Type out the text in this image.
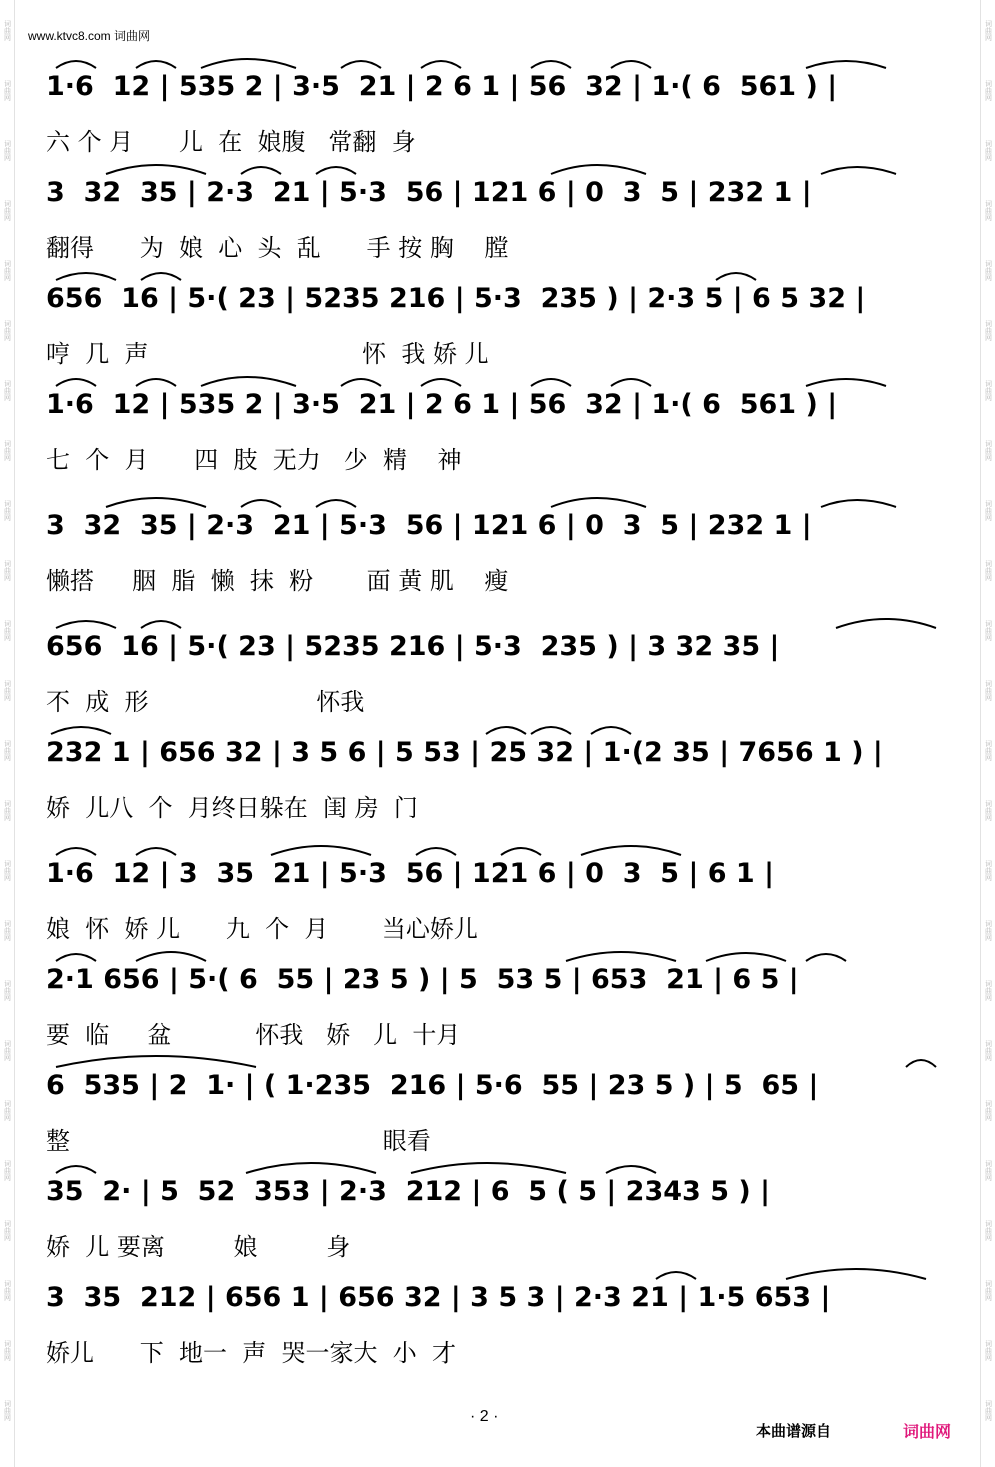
词曲网
词曲网
词曲网
词曲网
词曲网
词曲网
词曲网
词曲网
词曲网
词曲网
词曲网
词曲网
词曲网
词曲网
词曲网
词曲网
词曲网
词曲网
词曲网
词曲网
词曲网
词曲网
词曲网
词曲网
词曲网
词曲网
词曲网
词曲网
词曲网
词曲网
词曲网
词曲网
词曲网
词曲网
词曲网
词曲网
词曲网
词曲网
词曲网
词曲网
词曲网
词曲网
词曲网
词曲网
词曲网
词曲网
词曲网
词曲网
www.ktvc8.com 词曲网
1·6  12 | 535 2 | 3·5  21 | 2 6 1 | 56  32 | 1·( 6  561 ) |
六 个 月      儿  在  娘腹   常翻  身
3  32  35 | 2·3  21 | 5·3  56 | 121 6 | 0  3  5 | 232 1 |
翻得      为  娘  心  头  乱      手 按 胸    膛
656  16 | 5·( 23 | 5235 216 | 5·3  235 ) | 2·3 5 | 6 5 32 |
哼  几  声                            怀  我 娇 儿
1·6  12 | 535 2 | 3·5  21 | 2 6 1 | 56  32 | 1·( 6  561 ) |
七  个  月      四  肢  无力   少  精    神
3  32  35 | 2·3  21 | 5·3  56 | 121 6 | 0  3  5 | 232 1 |
懒搭     胭  脂  懒  抹  粉       面 黄 肌    瘦
656  16 | 5·( 23 | 5235 216 | 5·3  235 ) | 3 32 35 |
不  成  形                      怀我
232 1 | 656 32 | 3 5 6 | 5 53 | 25 32 | 1·(2 35 | 7656 1 ) |
娇  儿八  个  月终日躲在  闺 房  门
1·6  12 | 3  35  21 | 5·3  56 | 121 6 | 0  3  5 | 6 1 |
娘  怀  娇 儿      九  个  月       当心娇儿
2·1 656 | 5·( 6  55 | 23 5 ) | 5  53 5 | 653  21 | 6 5 |
要  临     盆           怀我   娇   儿  十月
6  535 | 2  1· | ( 1·235  216 | 5·6  55 | 23 5 ) | 5  65 |
整                                         眼看
35  2· | 5  52  353 | 2·3  212 | 6  5 ( 5 | 2343 5 ) |
娇  儿 要离         娘         身
3  35  212 | 656 1 | 656 32 | 3 5 3 | 2·3 21 | 1·5 653 |
娇儿      下  地一  声  哭一家大  小  才
· 2 ·
本曲谱源自	词曲网
